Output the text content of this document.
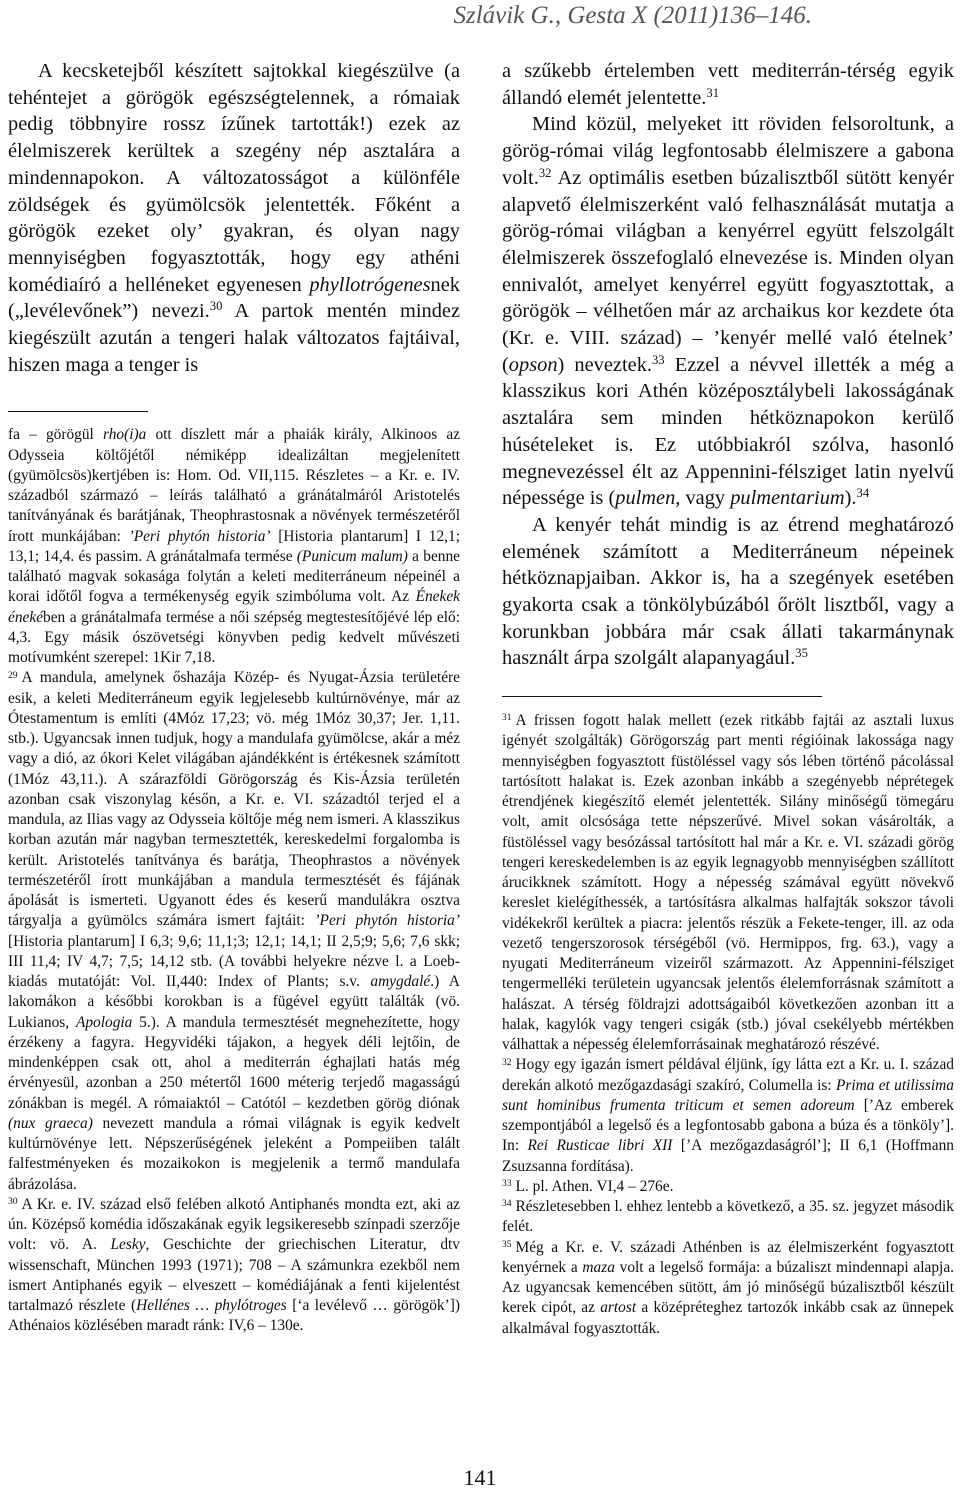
Szlávik G., Gesta X (2011)136–146.

A kecsketejből készített sajtokkal kiegészülve (a tehéntejet a görögök egészségtelennek, a rómaiak pedig többnyire rossz ízűnek tartották!) ezek az élelmiszerek kerültek a szegény nép asztalára a mindennapokon. A változatosságot a különféle zöldségek és gyümölcsök jelentették. Főként a görögök ezeket oly’ gyakran, és olyan nagy mennyiségben fogyasztották, hogy egy athéni komédiaíró a helléneket egyenesen phyllotrógenesnek („levélevőnek”) nevezi.$^{30}$ A partok mentén mindez kiegészült azután a tengeri halak változatos fajtáival, hiszen maga a tenger is

fa – görögül rho(i)a ott díszlett már a phaiák király, Alkinoos az Odysseia költőjétől némiképp idealizáltan megjelenített (gyümölcsös)kertjében is: Hom. Od. VII,115. Részletes – a Kr. e. IV. századból származó – leírás található a gránátalmáról Aristotelés tanítványának és barátjának, Theophrastosnak a növények természetéről írott munkájában: ’Peri phytón historia’ [Historia plantarum] I 12,1; 13,1; 14,4. és passim. A gránátalmafa termése (Punicum malum) a benne található magvak sokasága folytán a keleti mediterráneum népeinél a korai időtől fogva a termékenység egyik szimbóluma volt. Az Énekek énekében a gránátalmafa termése a női szépség megtestesítőjévé lép elő: 4,3. Egy másik ószövetségi könyvben pedig kedvelt művészeti motívumként szerepel: 1Kir 7,18.

$^{29}$ A mandula, amelynek őshazája Közép- és Nyugat-Ázsia területére esik, a keleti Mediterráneum egyik legjelesebb kultúrnövénye, már az Ótestamentum is említi (4Móz 17,23; vö. még 1Móz 30,37; Jer. 1,11. stb.). Ugyancsak innen tudjuk, hogy a mandulafa gyümölcse, akár a méz vagy a dió, az ókori Kelet világában ajándékként is értékesnek számított (1Móz 43,11.). A szárazföldi Görögország és Kis-Ázsia területén azonban csak viszonylag későn, a Kr. e. VI. századtól terjed el a mandula, az Ilias vagy az Odysseia költője még nem ismeri. A klasszikus korban azután már nagyban termesztették, kereskedelmi forgalomba is került. Aristotelés tanítványa és barátja, Theophrastos a növények természetéről írott munkájában a mandula termesztését és fájának ápolását is ismerteti. Ugyanott édes és keserű mandulákra osztva tárgyalja a gyümölcs számára ismert fajtáit: ’Peri phytón historia’ [Historia plantarum] I 6,3; 9,6; 11,1;3; 12,1; 14,1; II 2,5;9; 5,6; 7,6 skk; III 11,4; IV 4,7; 7,5; 14,12 stb. (A további helyekre nézve l. a Loeb-kiadás mutatóját: Vol. II,440: Index of Plants; s.v. amygdalé.) A lakomákon a későbbi korokban is a fügével együtt találták (vö. Lukianos, Apologia 5.). A mandula termesztését megnehezítette, hogy érzékeny a fagyra. Hegyvidéki tájakon, a hegyek déli lejtőin, de mindenképpen csak ott, ahol a mediterrán éghajlati hatás még érvényesül, azonban a 250 métertől 1600 méterig terjedő magasságú zónákban is megél. A rómaiaktól – Catótól – kezdetben görög diónak (nux graeca) nevezett mandula a római világnak is egyik kedvelt kultúrnövénye lett. Népszerűségének jeleként a Pompeiiben talált falfestményeken és mozaikokon is megjelenik a termő mandulafa ábrázolása.

$^{30}$ A Kr. e. IV. század első felében alkotó Antiphanés mondta ezt, aki az ún. Középső komédia időszakának egyik legsikeresebb színpadi szerzője volt: vö. A. Lesky, Geschichte der griechischen Literatur, dtv wissenschaft, München 1993 (1971); 708 – A számunkra ezekből nem ismert Antiphanés egyik – elveszett – komédiájának a fenti kijelentést tartalmazó részlete (Hellénes … phylótroges [‘a levélevő … görögök’]) Athénaios közlésében maradt ránk: IV,6 – 130e.

a szűkebb értelemben vett mediterrán-térség egyik állandó elemét jelentette.$^{31}$

Mind közül, melyeket itt röviden felsoroltunk, a görög-római világ legfontosabb élelmiszere a gabona volt.$^{32}$ Az optimális esetben búzalisztből sütött kenyér alapvető élelmiszerként való felhasználását mutatja a görög-római világban a kenyérrel együtt felszolgált élelmiszerek összefoglaló elnevezése is. Minden olyan ennivalót, amelyet kenyérrel együtt fogyasztottak, a görögök – vélhetően már az archaikus kor kezdete óta (Kr. e. VIII. század) – ’kenyér mellé való ételnek’ (opson) neveztek.$^{33}$ Ezzel a névvel illették a még a klasszikus kori Athén középosztálybeli lakosságának asztalára sem minden hétköznapokon kerülő húsételeket is. Ez utóbbiakról szólva, hasonló megnevezéssel élt az Appennini-félsziget latin nyelvű népessége is (pulmen, vagy pulmentarium).$^{34}$

A kenyér tehát mindig is az étrend meghatározó elemének számított a Mediterráneum népeinek hétköznapjaiban. Akkor is, ha a szegények esetében gyakorta csak a tönkölybúzából őrölt lisztből, vagy a korunkban jobbára már csak állati takarmánynak használt árpa szolgált alapanyagául.$^{35}$

$^{31}$ A frissen fogott halak mellett (ezek ritkább fajtái az asztali luxus igényét szolgálták) Görögország part menti régióinak lakossága nagy mennyiségben fogyasztott füstöléssel vagy sós lében történő pácolással tartósított halakat is. Ezek azonban inkább a szegényebb néprétegek étrendjének kiegészítő elemét jelentették. Silány minőségű tömegáru volt, amit olcsósága tette népszerűvé. Mivel sokan vásárolták, a füstöléssel vagy besózással tartósított hal már a Kr. e. VI. századi görög tengeri kereskedelemben is az egyik legnagyobb mennyiségben szállított árucikknek számított. Hogy a népesség számával együtt növekvő kereslet kielégíthessék, a tartósításra alkalmas halfajták sokszor távoli vidékekről kerültek a piacra: jelentős részük a Fekete-tenger, ill. az oda vezető tengerszorosok térségéből (vö. Hermippos, frg. 63.), vagy a nyugati Mediterráneum vizeiről származott. Az Appennini-félsziget tengermelléki területein ugyancsak jelentős élelemforrásnak számított a halászat. A térség földrajzi adottságaiból következően azonban itt a halak, kagylók vagy tengeri csigák (stb.) jóval csekélyebb mértékben válhattak a népesség élelemforrásainak meghatározó részévé.

$^{32}$ Hogy egy igazán ismert példával éljünk, így látta ezt a Kr. u. I. század derekán alkotó mezőgazdasági szakíró, Columella is: Prima et utilissima sunt hominibus frumenta triticum et semen adoreum [’Az emberek szempontjából a legelső és a legfontosabb gabona a búza és a tönköly’]. In: Rei Rusticae libri XII [’A mezőgazdaságról’]; II 6,1 (Hoffmann Zsuzsanna fordítása).

$^{33}$ L. pl. Athen. VI,4 – 276e.

$^{34}$ Részletesebben l. ehhez lentebb a következő, a 35. sz. jegyzet második felét.

$^{35}$ Még a Kr. e. V. századi Athénben is az élelmiszerként fogyasztott kenyérnek a maza volt a legelső formája: a búzaliszt mindennapi alapja. Az ugyancsak kemencében sütött, ám jó minőségű búzalisztből készült kerek cipót, az artost a középréteghez tartozók inkább csak az ünnepek alkalmával fogyasztották.

141
